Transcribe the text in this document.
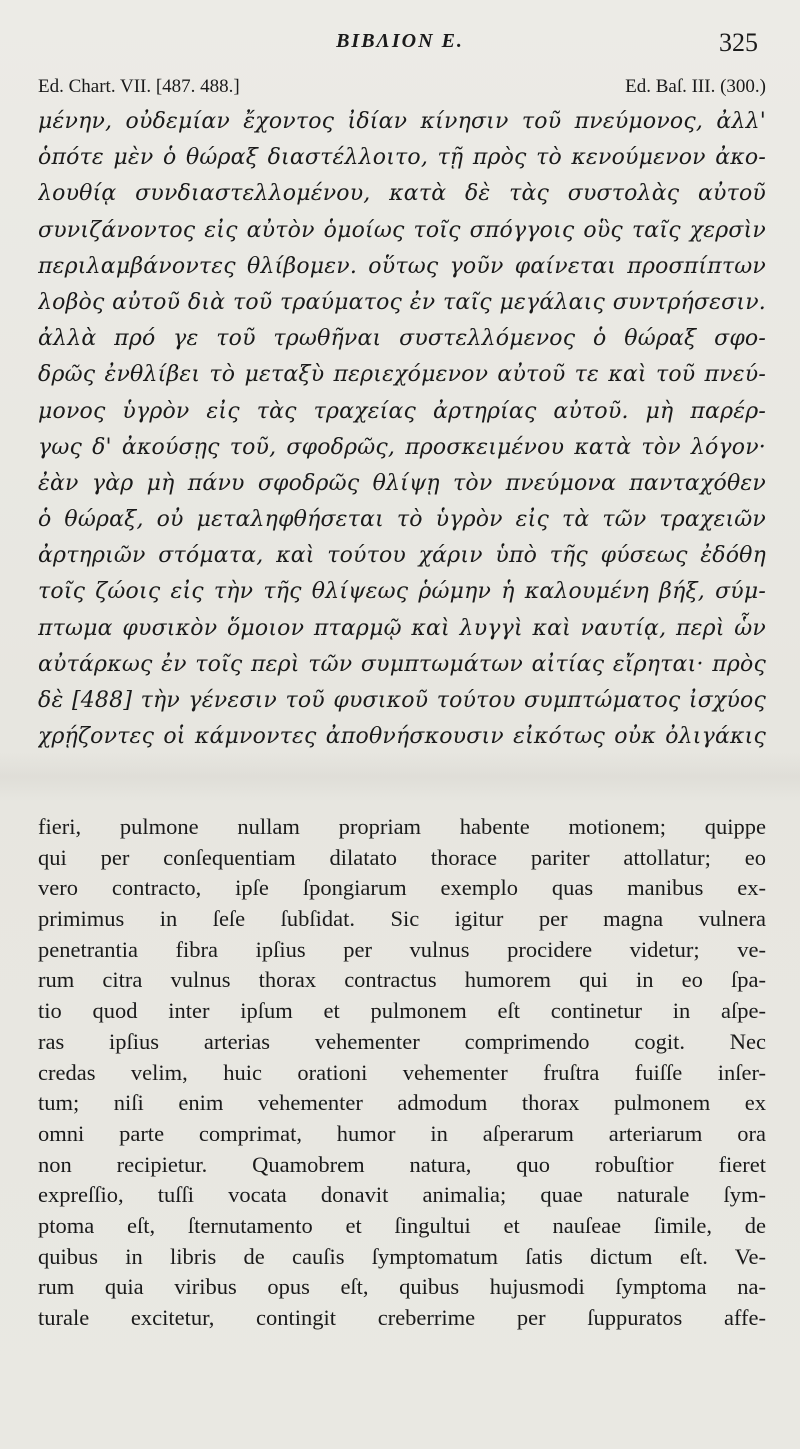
BIBΛΙΟΝ E.	325
Ed. Chart. VII. [487. 488.]	Ed. Baſ. III. (300.)
μένην, οὐδεμίαν ἔχοντος ἰδίαν κίνησιν τοῦ πνεύμονος, ἀλλ'
ὁπότε μὲν ὁ θώραξ διαστέλλοιτο, τῇ πρὸς τὸ κενούμενον ἀκο-
λουθίᾳ συνδιαστελλομένου, κατὰ δὲ τὰς συστολὰς αὐτοῦ
συνιζάνοντος εἰς αὐτὸν ὁμοίως τοῖς σπόγγοις οὓς ταῖς χερσὶν
περιλαμβάνοντες θλίβομεν. οὕτως γοῦν φαίνεται προσπίπτων
λοβὸς αὐτοῦ διὰ τοῦ τραύματος ἐν ταῖς μεγάλαις συντρήσεσιν.
ἀλλὰ πρό γε τοῦ τρωθῆναι συστελλόμενος ὁ θώραξ σφο-
δρῶς ἐνθλίβει τὸ μεταξὺ περιεχόμενον αὐτοῦ τε καὶ τοῦ πνεύ-
μονος ὑγρὸν εἰς τὰς τραχείας ἀρτηρίας αὐτοῦ. μὴ παρέρ-
γως δ' ἀκούσῃς τοῦ, σφοδρῶς, προσκειμένου κατὰ τὸν λόγον·
ἐὰν γὰρ μὴ πάνυ σφοδρῶς θλίψῃ τὸν πνεύμονα πανταχόθεν
ὁ θώραξ, οὐ μεταληφθήσεται τὸ ὑγρὸν εἰς τὰ τῶν τραχειῶν
ἀρτηριῶν στόματα, καὶ τούτου χάριν ὑπὸ τῆς φύσεως ἐδόθη
τοῖς ζώοις εἰς τὴν τῆς θλίψεως ῥώμην ἡ καλουμένη βήξ, σύμ-
πτωμα φυσικὸν ὅμοιον πταρμῷ καὶ λυγγὶ καὶ ναυτίᾳ, περὶ ὧν
αὐτάρκως ἐν τοῖς περὶ τῶν συμπτωμάτων αἰτίας εἴρηται· πρὸς
δὲ [488] τὴν γένεσιν τοῦ φυσικοῦ τούτου συμπτώματος ἰσχύος
χρῄζοντες οἱ κάμνοντες ἀποθνήσκουσιν εἰκότως οὐκ ὀλιγάκις
fieri, pulmone nullam propriam habente motionem; quippe
qui per conſequentiam dilatato thorace pariter attollatur; eo
vero contracto, ipſe ſpongiarum exemplo quas manibus ex-
primimus in ſeſe ſubſidat. Sic igitur per magna vulnera
penetrantia fibra ipſius per vulnus procidere videtur; ve-
rum citra vulnus thorax contractus humorem qui in eo ſpa-
tio quod inter ipſum et pulmonem eſt continetur in aſpe-
ras ipſius arterias vehementer comprimendo cogit. Nec
credas velim, huic orationi vehementer fruſtra fuiſſe inſer-
tum; niſi enim vehementer admodum thorax pulmonem ex
omni parte comprimat, humor in aſperarum arteriarum ora
non recipietur. Quamobrem natura, quo robuſtior fieret
expreſſio, tuſſi vocata donavit animalia; quae naturale ſym-
ptoma eſt, ſternutamento et ſingultui et nauſeae ſimile, de
quibus in libris de cauſis ſymptomatum ſatis dictum eſt. Ve-
rum quia viribus opus eſt, quibus hujusmodi ſymptoma na-
turale excitetur, contingit creberrime per ſuppuratos affe-
